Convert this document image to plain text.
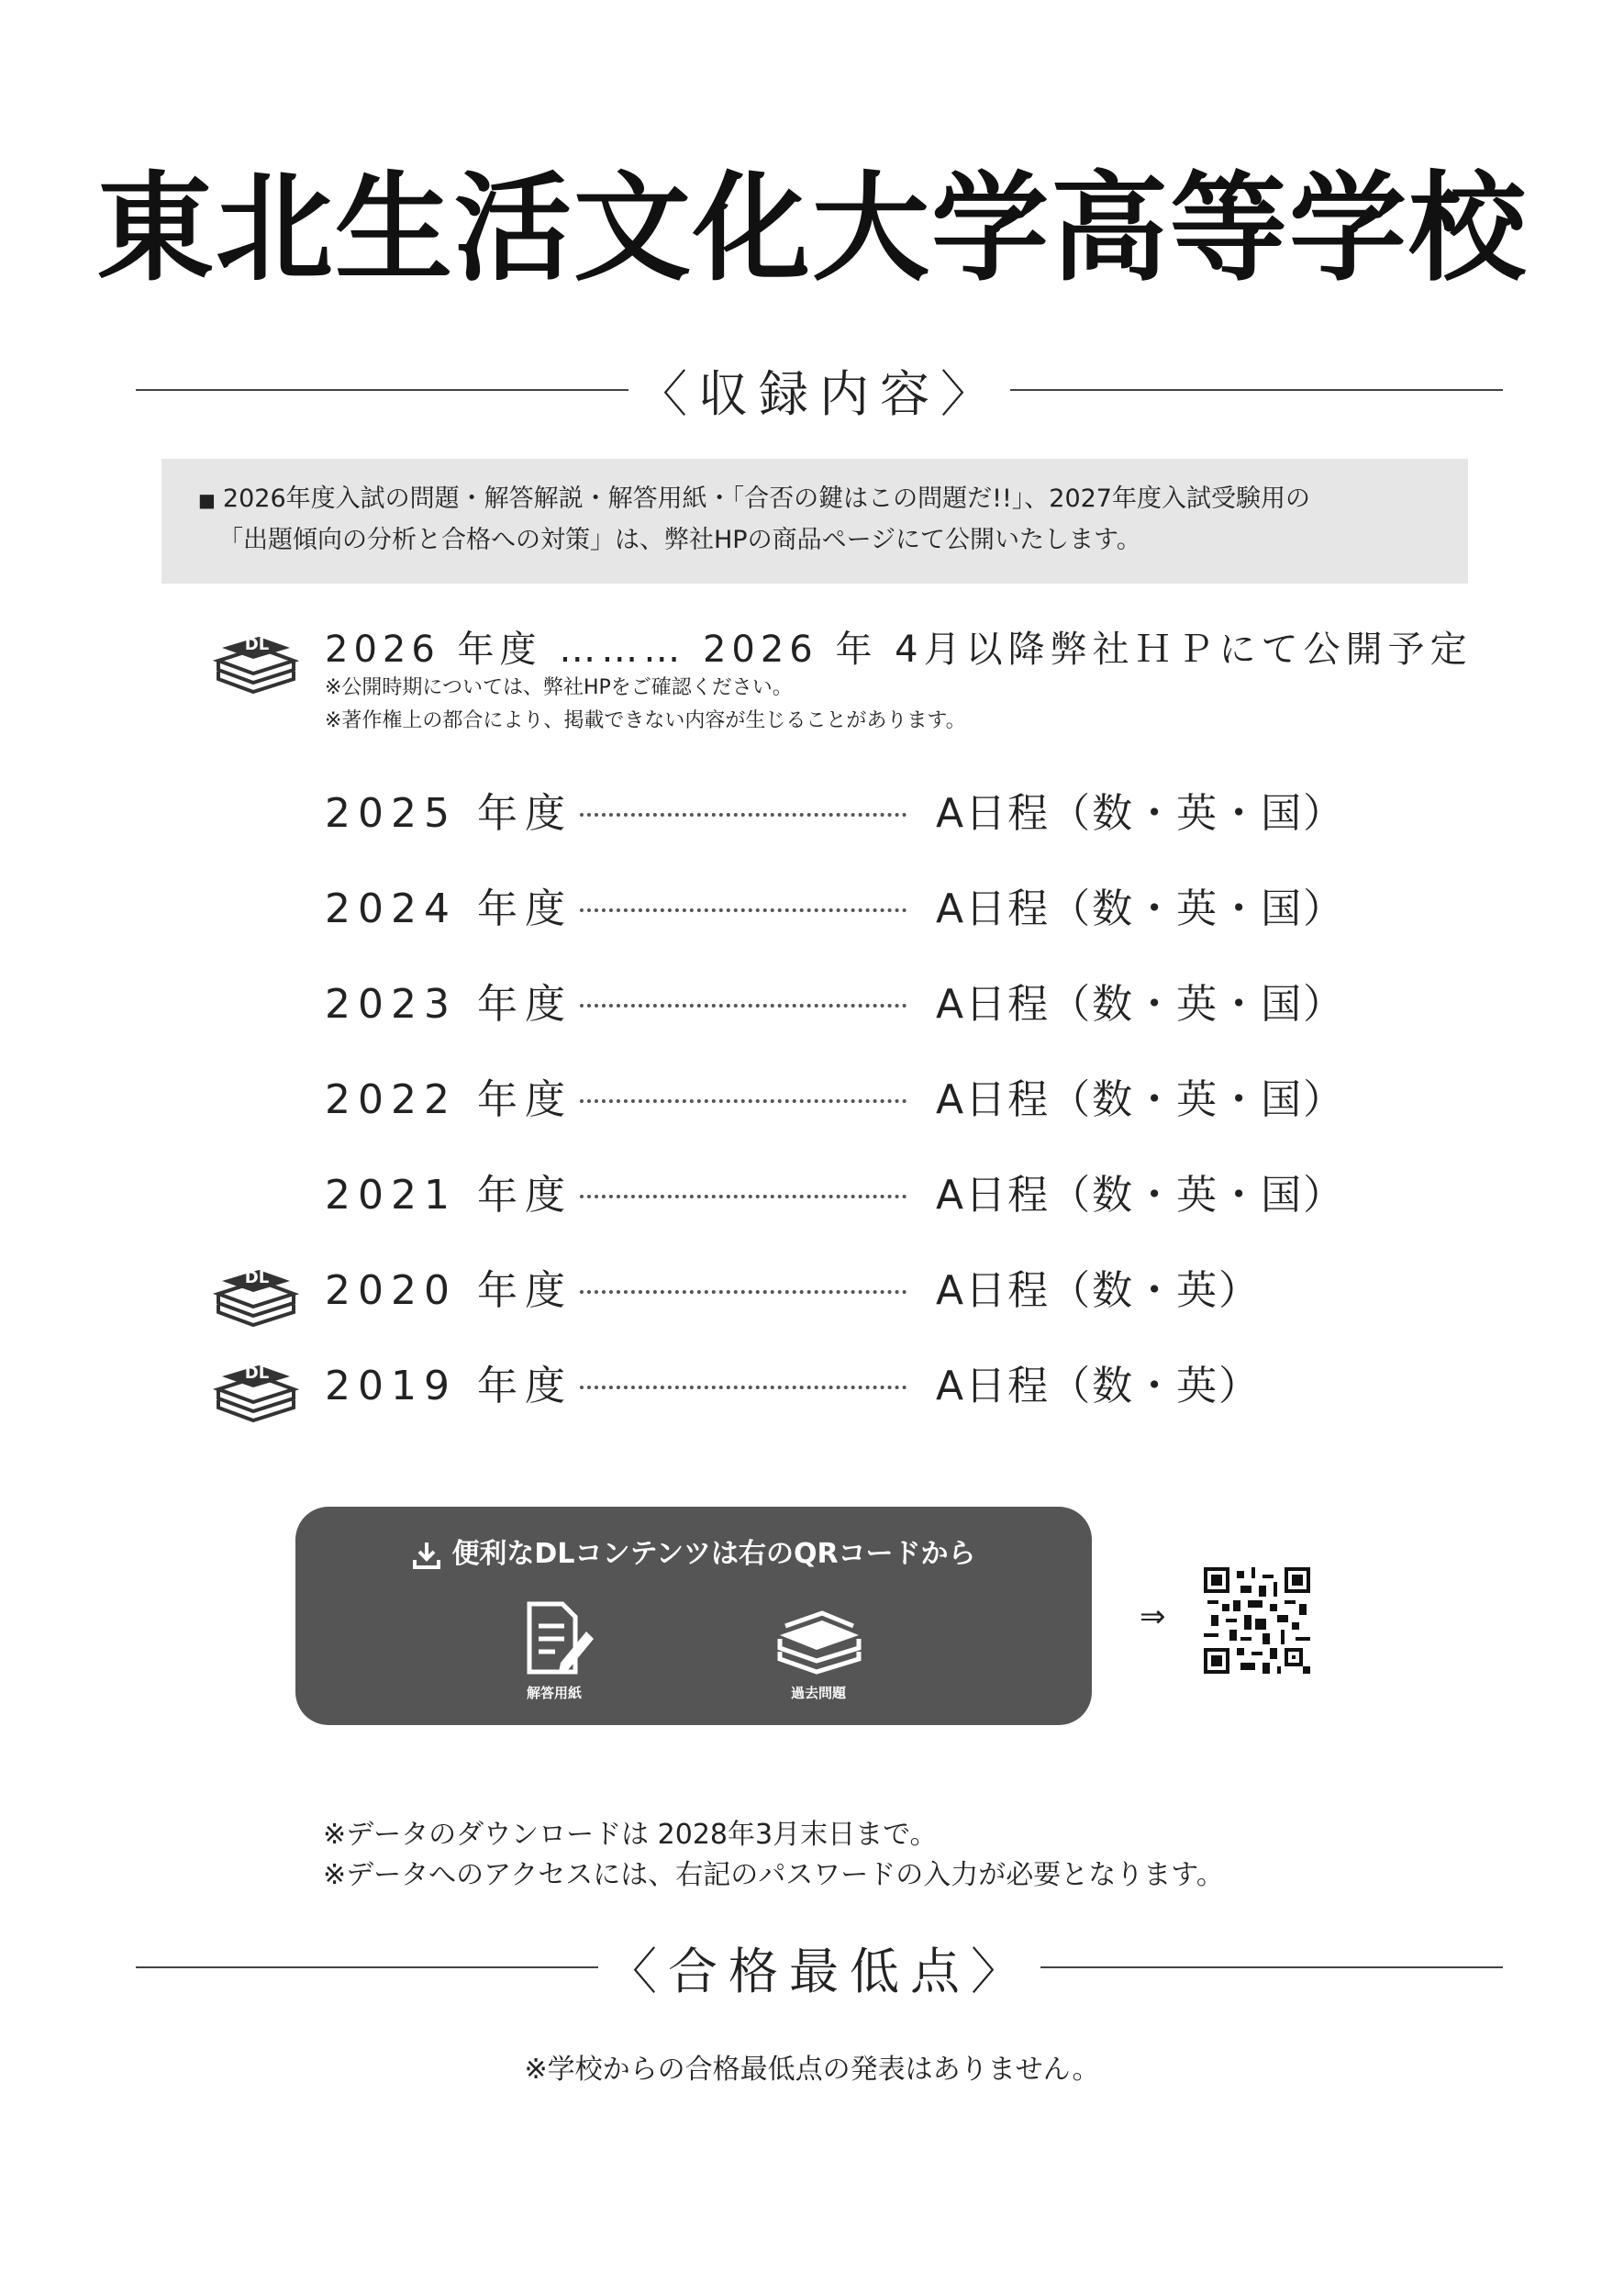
東北生活文化大学高等学校
〈収録内容〉
■ 2026年度入試の問題・解答解説・解答用紙・「合否の鍵はこの問題だ!!」、2027年度入試受験用の
「出題傾向の分析と合格への対策」は、弊社HPの商品ページにて公開いたします。
DL 2026 年度 ……… 2026 年 4月以降弊社ＨＰにて公開予定
※公開時期については、弊社HPをご確認ください。
※著作権上の都合により、掲載できない内容が生じることがあります。
2025 年度	A日程（数・英・国）
2024 年度	A日程（数・英・国）
2023 年度	A日程（数・英・国）
2022 年度	A日程（数・英・国）
2021 年度	A日程（数・英・国）
DL 2020 年度	A日程（数・英）
DL 2019 年度	A日程（数・英）
便利なDLコンテンツは右のQRコードから
解答用紙	過去問題
⇒
※データのダウンロードは 2028年3月末日まで。
※データへのアクセスには、右記のパスワードの入力が必要となります。
〈合格最低点〉
※学校からの合格最低点の発表はありません。
